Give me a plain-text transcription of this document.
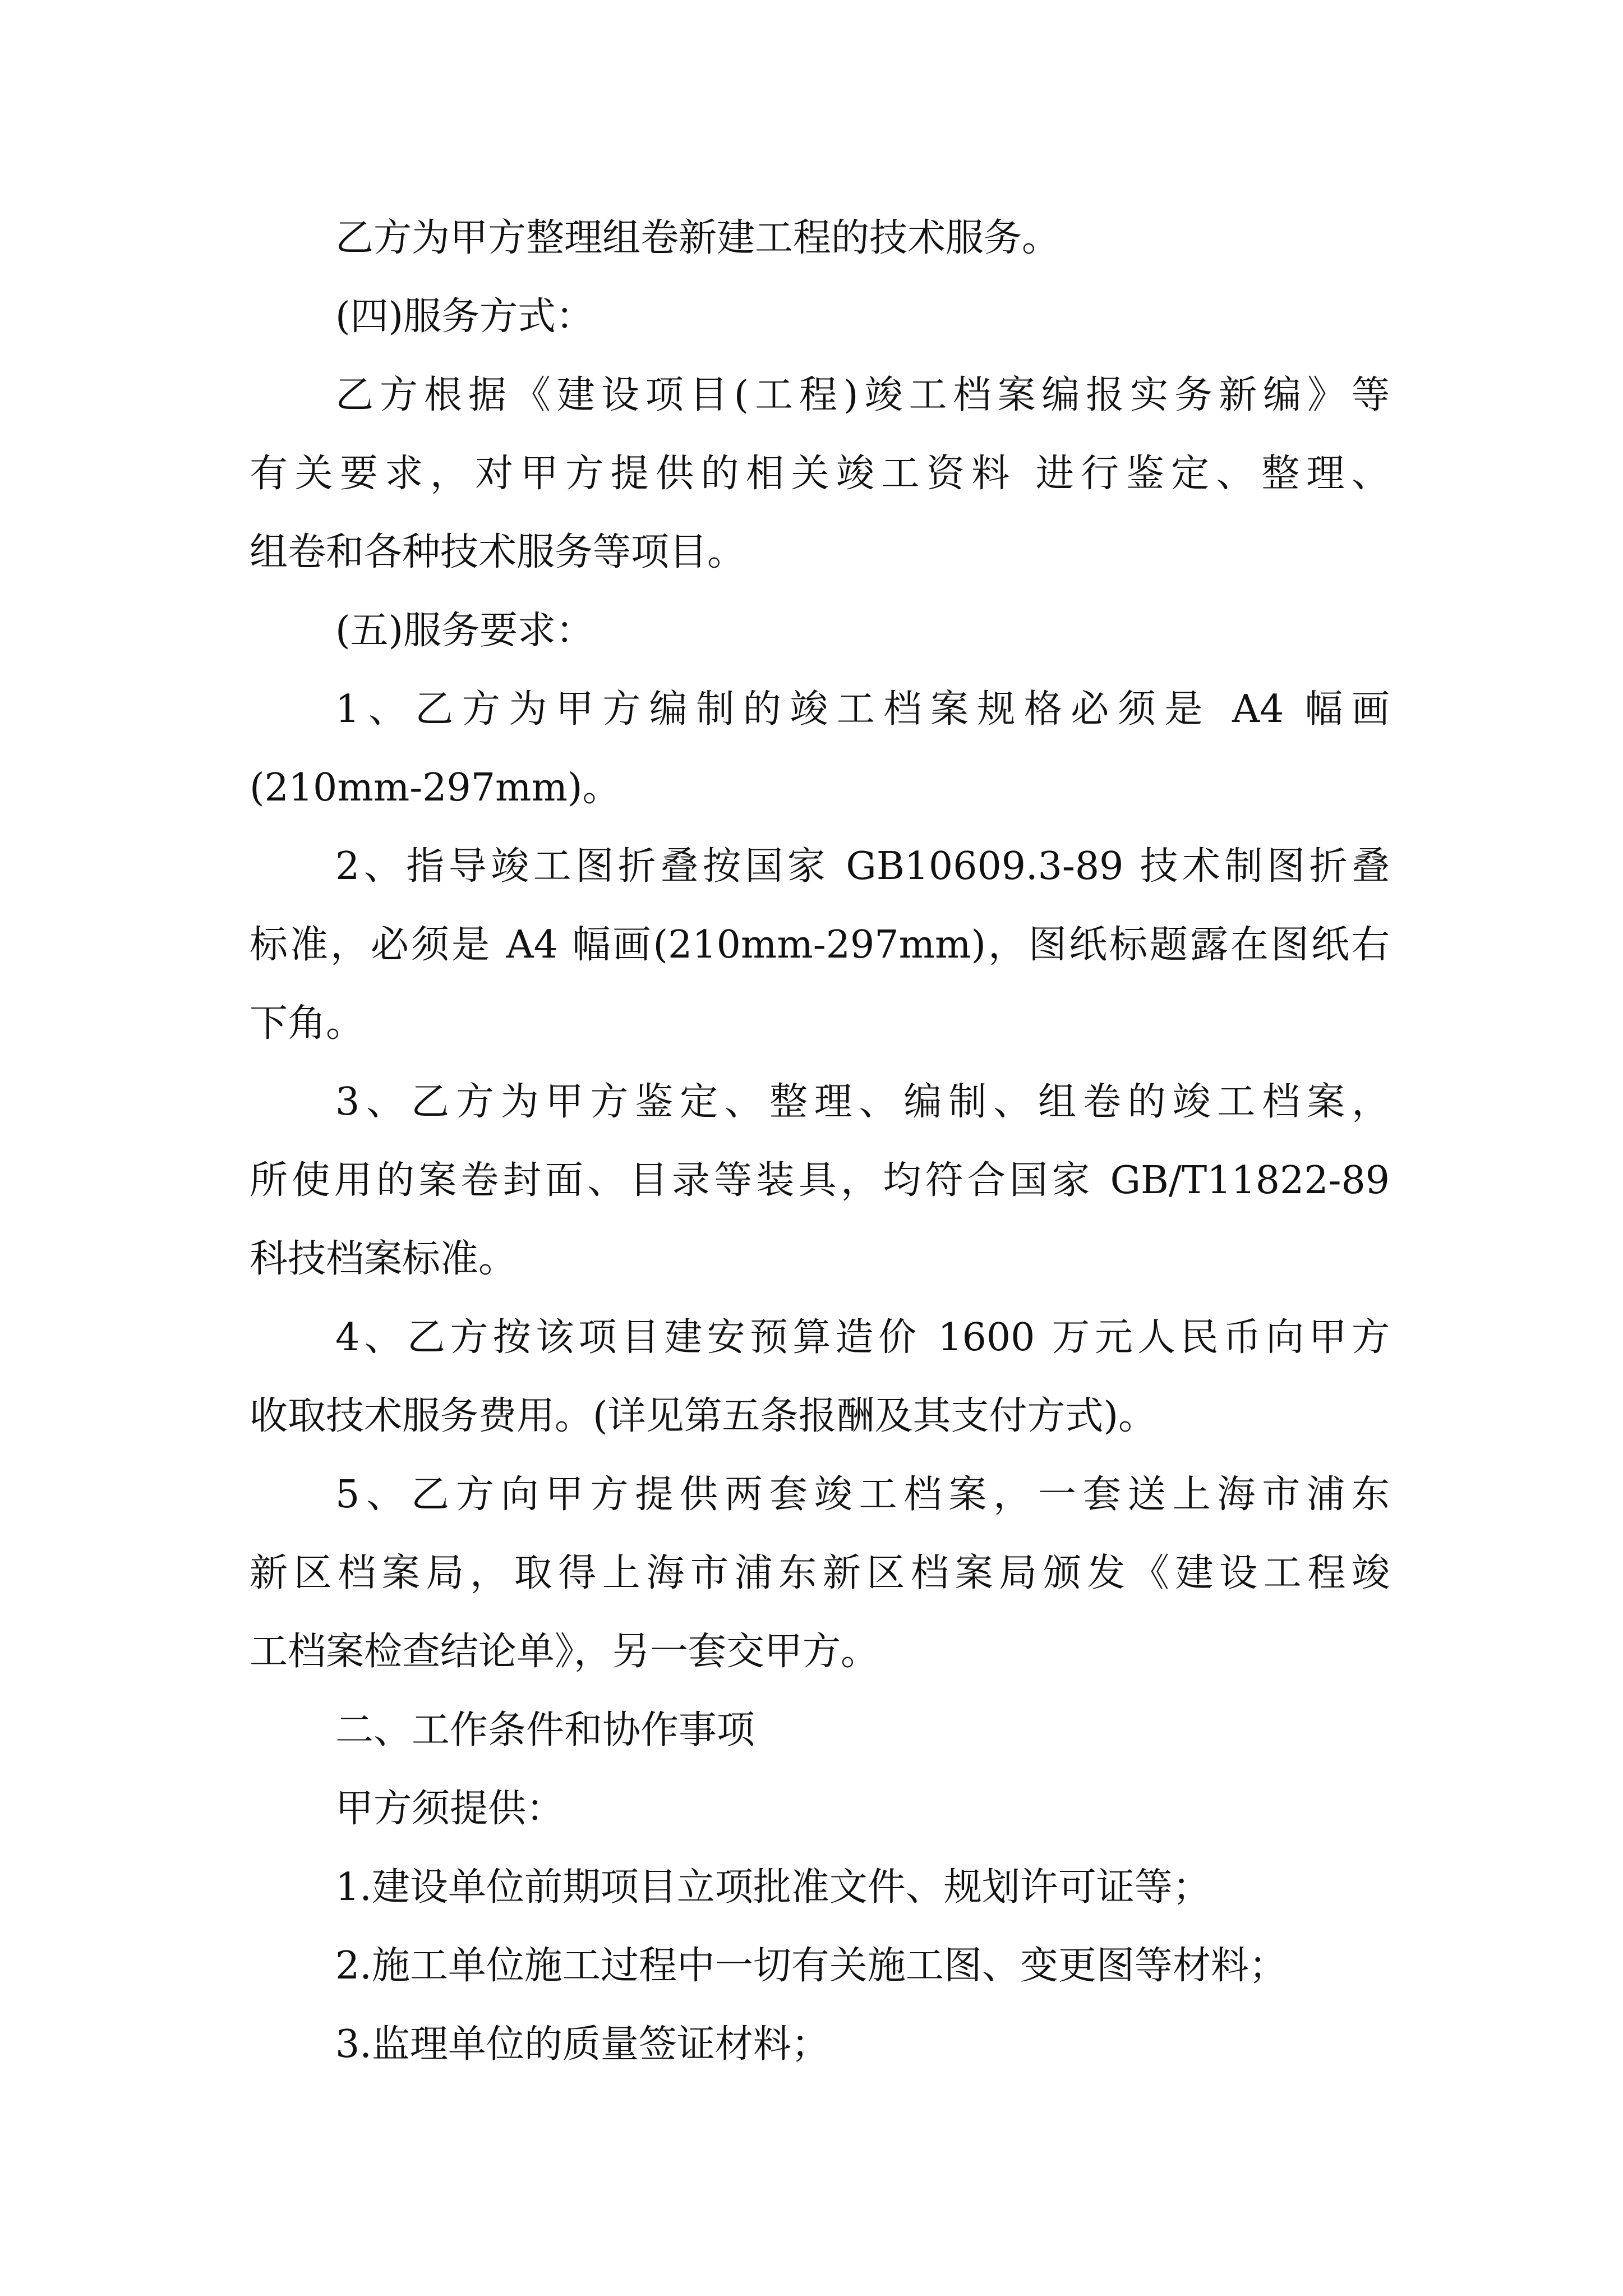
乙方为甲方整理组卷新建工程的技术服务。
(四)服务方式：
乙方根据《建设项目(工程)竣工档案编报实务新编》等
有关要求，对甲方提供的相关竣工资料 进行鉴定、整理、
组卷和各种技术服务等项目。
(五)服务要求：
1、乙方为甲方编制的竣工档案规格必须是 A4 幅画
(210mm-297mm)。
2、指导竣工图折叠按国家 GB10609.3-89 技术制图折叠
标准，必须是 A4 幅画(210mm-297mm)，图纸标题露在图纸右
下角。
3、乙方为甲方鉴定、整理、编制、组卷的竣工档案，
所使用的案卷封面、目录等装具，均符合国家 GB/T11822-89
科技档案标准。
4、乙方按该项目建安预算造价 1600 万元人民币向甲方
收取技术服务费用。(详见第五条报酬及其支付方式)。
5、乙方向甲方提供两套竣工档案，一套送上海市浦东
新区档案局，取得上海市浦东新区档案局颁发《建设工程竣
工档案检查结论单》，另一套交甲方。
二、工作条件和协作事项
甲方须提供：
1.建设单位前期项目立项批准文件、规划许可证等；
2.施工单位施工过程中一切有关施工图、变更图等材料；
3.监理单位的质量签证材料；
